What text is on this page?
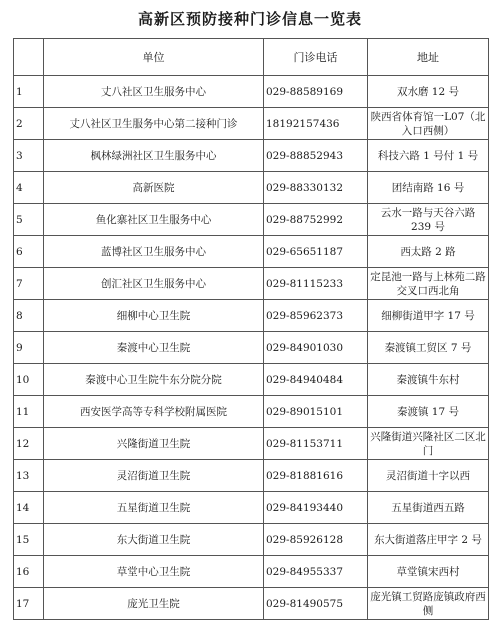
高新区预防接种门诊信息一览表
	单位	门诊电话	地址
1	丈八社区卫生服务中心	029-88589169	双水磨 12 号
2	丈八社区卫生服务中心第二接种门诊	18192157436	陕西省体育馆一L07（北入口西侧）
3	枫林绿洲社区卫生服务中心	029-88852943	科技六路 1 号付 1 号
4	高新医院	029-88330132	团结南路 16 号
5	鱼化寨社区卫生服务中心	029-88752992	云水一路与天谷六路 239 号
6	蓝博社区卫生服务中心	029-65651187	西太路 2 路
7	创汇社区卫生服务中心	029-81115233	定昆池一路与上林苑二路交叉口西北角
8	细柳中心卫生院	029-85962373	细柳街道甲字 17 号
9	秦渡中心卫生院	029-84901030	秦渡镇工贸区 7 号
10	秦渡中心卫生院牛东分院分院	029-84940484	秦渡镇牛东村
11	西安医学高等专科学校附属医院	029-89015101	秦渡镇 17 号
12	兴隆街道卫生院	029-81153711	兴隆街道兴隆社区二区北门
13	灵沼街道卫生院	029-81881616	灵沼街道十字以西
14	五星街道卫生院	029-84193440	五星街道西五路
15	东大街道卫生院	029-85926128	东大街道落庄甲字 2 号
16	草堂中心卫生院	029-84955337	草堂镇宋西村
17	庞光卫生院	029-81490575	庞光镇工贸路庞镇政府西侧
